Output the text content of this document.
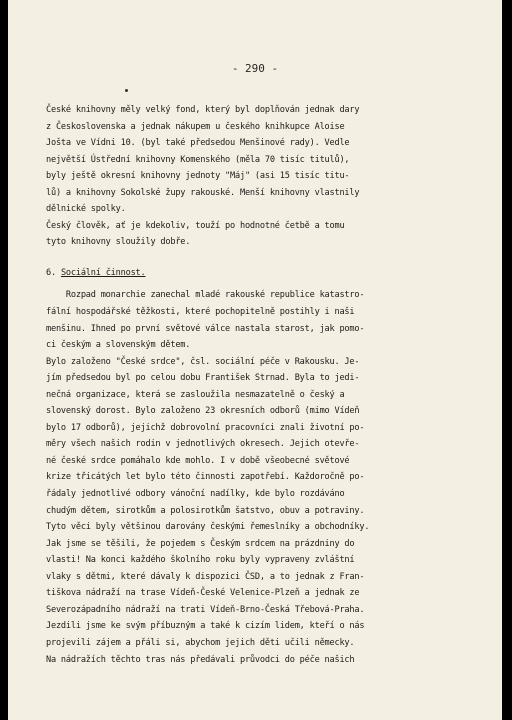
- 290 -
České knihovny měly velký fond, který byl doplňován jednak dary
z Československa a jednak nákupem u českého knihkupce Aloise
Jošta ve Vídni 10. (byl také předsedou Menšinové rady). Vedle
největší Ústřední knihovny Komenského (měla 70 tisíc titulů),
byly ještě okresní knihovny jednoty "Máj" (asi 15 tisíc titu-
lů) a knihovny Sokolské župy rakouské. Menší knihovny vlastnily
dělnické spolky.
Český člověk, ať je kdekoliv, touží po hodnotné četbě a tomu
tyto knihovny sloužily dobře.
6. Sociální činnost.
Rozpad monarchie zanechal mladé rakouské republice katastro-
fální hospodářské těžkosti, které pochopitelně postihly i naši
menšinu. Ihned po první světové válce nastala starost, jak pomo-
ci českým a slovenským dětem.
Bylo založeno "České srdce", čsl. sociální péče v Rakousku. Je-
jím předsedou byl po celou dobu František Strnad. Byla to jedi-
nečná organizace, která se zasloužila nesmazatelně o český a
slovenský dorost. Bylo založeno 23 okresních odborů (mimo Vídeň
bylo 17 odborů), jejichž dobrovolní pracovníci znali životní po-
měry všech našich rodin v jednotlivých okresech. Jejich otevře-
né české srdce pomáhalo kde mohlo. I v době všeobecné světové
krize třicátých let bylo této činnosti zapotřebí. Každoročně po-
řádaly jednotlivé odbory vánoční nadílky, kde bylo rozdáváno
chudým dětem, sirotkům a polosirotkům šatstvo, obuv a potraviny.
Tyto věci byly většinou darovány českými řemeslníky a obchodníky.
Jak jsme se těšili, že pojedem s Českým srdcem na prázdniny do
vlasti! Na konci každého školního roku byly vypraveny zvláštní
vlaky s dětmi, které dávaly k dispozici ČSD, a to jednak z Fran-
tiškova nádraží na trase Vídeň-České Velenice-Plzeň a jednak ze
Severozápadního nádraží na trati Vídeň-Brno-Česká Třebová-Praha.
Jezdili jsme ke svým příbuzným a také k cizím lidem, kteří o nás
projevili zájem a přáli si, abychom jejich děti učili německy.
Na nádražích těchto tras nás předávali průvodci do péče našich
